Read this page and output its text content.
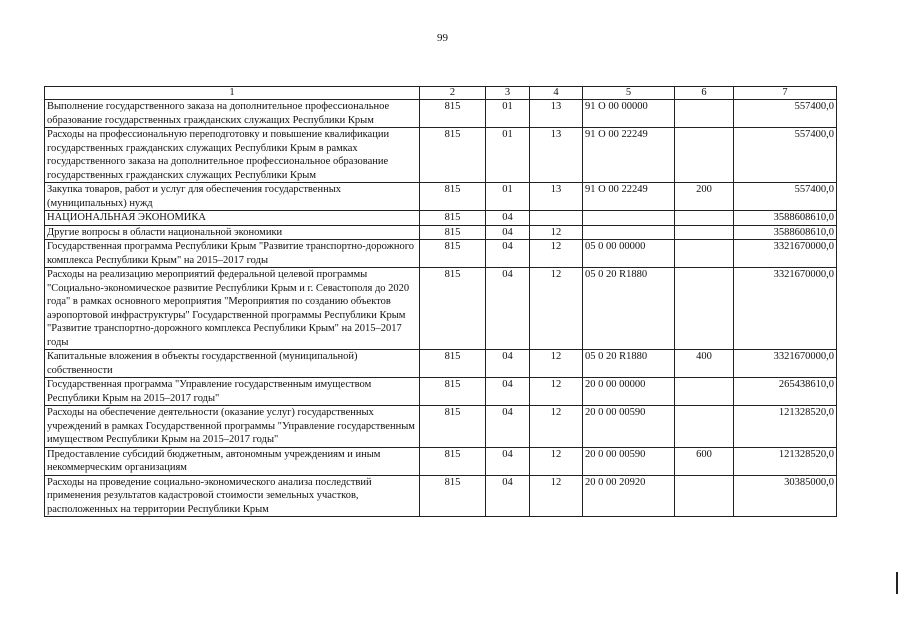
99
1	2	3	4	5	6	7
Выполнение государственного заказа на дополнительное профессиональное образование государственных гражданских служащих Республики Крым	815	01	13	91 О 00 00000		557400,0
Расходы на профессиональную переподготовку и повышение квалификации государственных гражданских служащих Республики Крым в рамках государственного заказа на дополнительное профессиональное образование государственных гражданских служащих Республики Крым	815	01	13	91 О 00 22249		557400,0
Закупка товаров, работ и услуг для обеспечения государственных (муниципальных) нужд	815	01	13	91 О 00 22249	200	557400,0
НАЦИОНАЛЬНАЯ ЭКОНОМИКА	815	04				3588608610,0
Другие вопросы в области национальной экономики	815	04	12			3588608610,0
Государственная программа Республики Крым "Развитие транспортно-дорожного комплекса Республики Крым" на 2015–2017 годы	815	04	12	05 0 00 00000		3321670000,0
Расходы на реализацию мероприятий федеральной целевой программы "Социально-экономическое развитие Республики Крым и г. Севастополя до 2020 года" в рамках основного мероприятия "Мероприятия по созданию объектов аэропортовой инфраструктуры" Государственной программы Республики Крым "Развитие транспортно-дорожного комплекса Республики Крым" на 2015–2017 годы	815	04	12	05 0 20 R1880		3321670000,0
Капитальные вложения в объекты государственной (муниципальной) собственности	815	04	12	05 0 20 R1880	400	3321670000,0
Государственная программа "Управление государственным имуществом Республики Крым на 2015–2017 годы"	815	04	12	20 0 00 00000		265438610,0
Расходы на обеспечение деятельности (оказание услуг) государственных учреждений в рамках Государственной программы "Управление государственным имуществом Республики Крым на 2015–2017 годы"	815	04	12	20 0 00 00590		121328520,0
Предоставление субсидий бюджетным, автономным учреждениям и иным некоммерческим организациям	815	04	12	20 0 00 00590	600	121328520,0
Расходы на проведение социально-экономического анализа последствий применения результатов кадастровой стоимости земельных участков, расположенных на территории Республики Крым	815	04	12	20 0 00 20920		30385000,0
